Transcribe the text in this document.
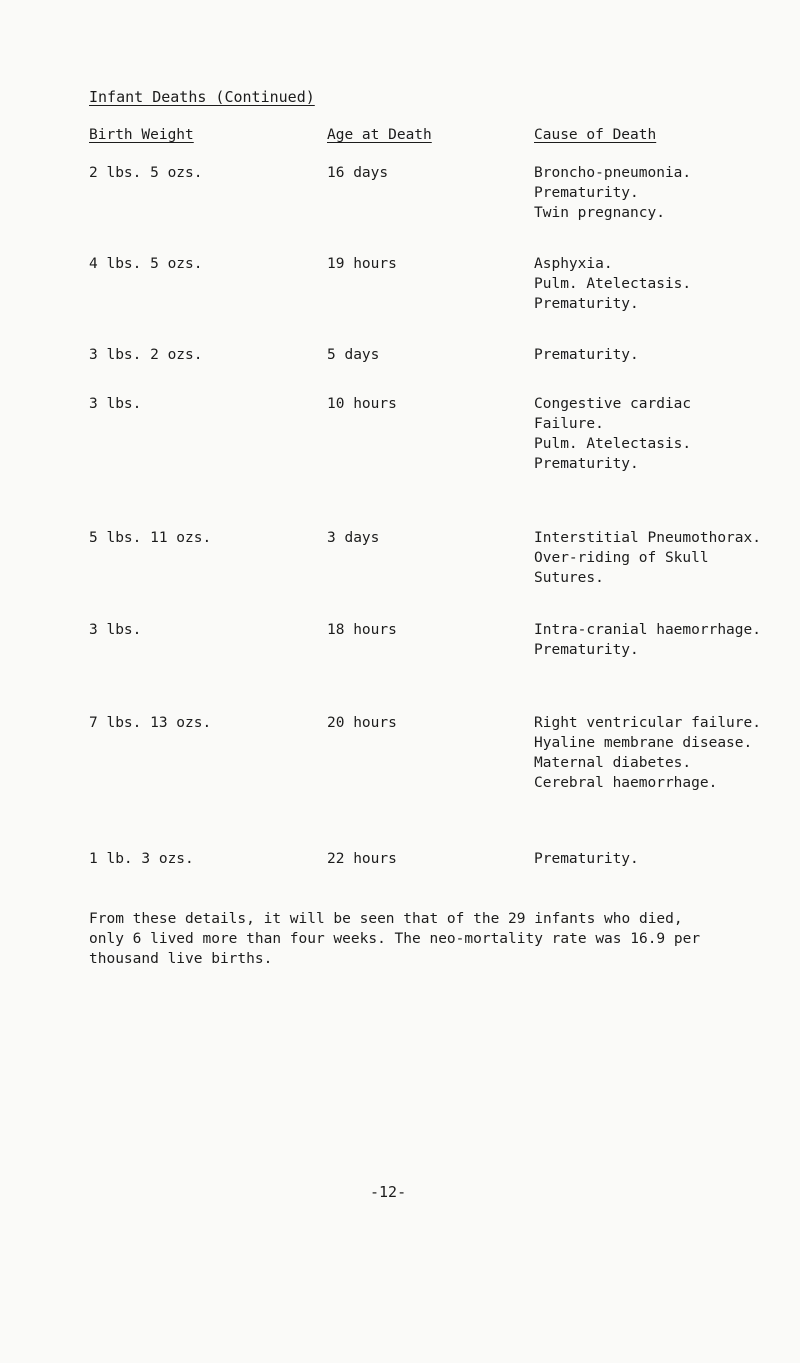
Infant Deaths (Continued)
Birth Weight	Age at Death	Cause of Death
2 lbs. 5 ozs.	16 days	Broncho-pneumonia.
Prematurity.
Twin pregnancy.
4 lbs. 5 ozs.	19 hours	Asphyxia.
Pulm. Atelectasis.
Prematurity.
3 lbs. 2 ozs.	5 days	Prematurity.
3 lbs.	10 hours	Congestive cardiac
Failure.
Pulm. Atelectasis.
Prematurity.
5 lbs. 11 ozs.	3 days	Interstitial Pneumothorax.
Over-riding of Skull
Sutures.
3 lbs.	18 hours	Intra-cranial haemorrhage.
Prematurity.
7 lbs. 13 ozs.	20 hours	Right ventricular failure.
Hyaline membrane disease.
Maternal diabetes.
Cerebral haemorrhage.
1 lb. 3 ozs.	22 hours	Prematurity.
From these details, it will be seen that of the 29 infants who died,
only 6 lived more than four weeks. The neo-mortality rate was 16.9 per
thousand live births.
-12-
